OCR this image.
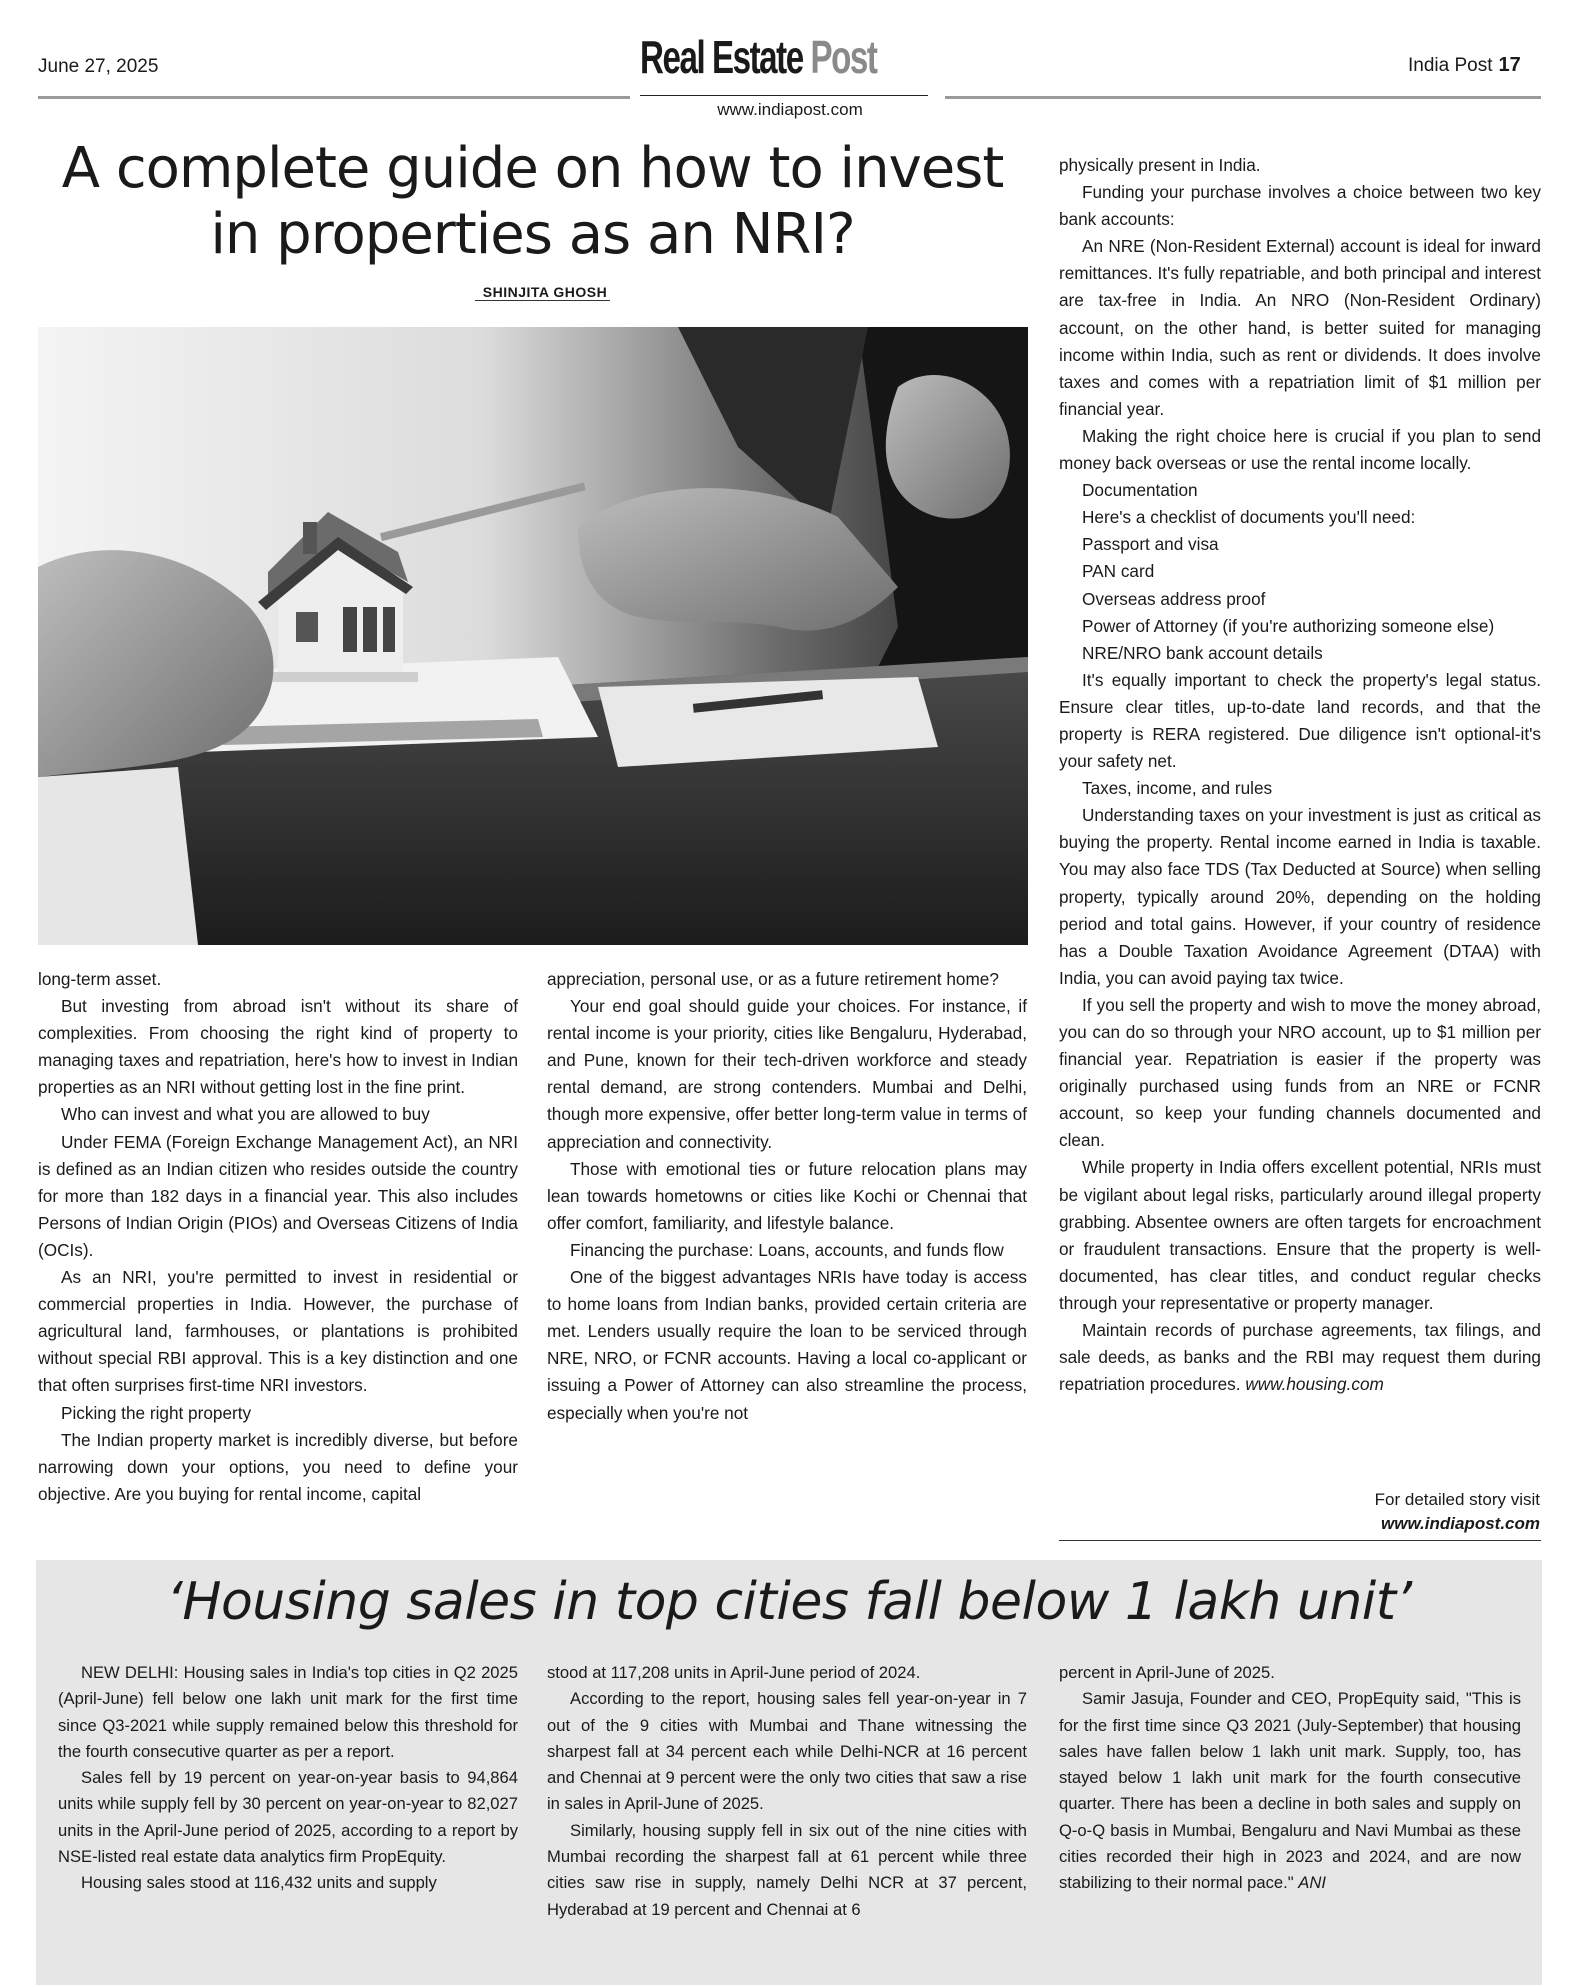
June 27, 2025	Real Estate Post
www.indiapost.com
India Post 17
A complete guide on how to invest
in properties as an NRI?
SHINJITA GHOSH

long-term asset.

But investing from abroad isn't without its share of complexities. From choosing the right kind of property to managing taxes and repatriation, here's how to invest in Indian properties as an NRI without getting lost in the fine print.

Who can invest and what you are allowed to buy

Under FEMA (Foreign Exchange Management Act), an NRI is defined as an Indian citizen who resides outside the country for more than 182 days in a financial year. This also includes Persons of Indian Origin (PIOs) and Overseas Citizens of India (OCIs).

As an NRI, you're permitted to invest in residential or commercial properties in India. However, the purchase of agricultural land, farmhouses, or plantations is prohibited without special RBI approval. This is a key distinction and one that often surprises first-time NRI investors.

Picking the right property

The Indian property market is incredibly diverse, but before narrowing down your options, you need to define your objective. Are you buying for rental income, capital

appreciation, personal use, or as a future retirement home?

Your end goal should guide your choices. For instance, if rental income is your priority, cities like Bengaluru, Hyderabad, and Pune, known for their tech-driven workforce and steady rental demand, are strong contenders. Mumbai and Delhi, though more expensive, offer better long-term value in terms of appreciation and connectivity.

Those with emotional ties or future relocation plans may lean towards hometowns or cities like Kochi or Chennai that offer comfort, familiarity, and lifestyle balance.

Financing the purchase: Loans, accounts, and funds flow

One of the biggest advantages NRIs have today is access to home loans from Indian banks, provided certain criteria are met. Lenders usually require the loan to be serviced through NRE, NRO, or FCNR accounts. Having a local co-applicant or issuing a Power of Attorney can also streamline the process, especially when you're not

physically present in India.

Funding your purchase involves a choice between two key bank accounts:

An NRE (Non-Resident External) account is ideal for inward remittances. It's fully repatriable, and both principal and interest are tax-free in India. An NRO (Non-Resident Ordinary) account, on the other hand, is better suited for managing income within India, such as rent or dividends. It does involve taxes and comes with a repatriation limit of $1 million per financial year.

Making the right choice here is crucial if you plan to send money back overseas or use the rental income locally.

Documentation

Here's a checklist of documents you'll need:

Passport and visa

PAN card

Overseas address proof

Power of Attorney (if you're authorizing someone else)

NRE/NRO bank account details

It's equally important to check the property's legal status. Ensure clear titles, up-to-date land records, and that the property is RERA registered. Due diligence isn't optional-it's your safety net.

Taxes, income, and rules

Understanding taxes on your investment is just as critical as buying the property. Rental income earned in India is taxable. You may also face TDS (Tax Deducted at Source) when selling property, typically around 20%, depending on the holding period and total gains. However, if your country of residence has a Double Taxation Avoidance Agreement (DTAA) with India, you can avoid paying tax twice.

If you sell the property and wish to move the money abroad, you can do so through your NRO account, up to $1 million per financial year. Repatriation is easier if the property was originally purchased using funds from an NRE or FCNR account, so keep your funding channels documented and clean.

While property in India offers excellent potential, NRIs must be vigilant about legal risks, particularly around illegal property grabbing. Absentee owners are often targets for encroachment or fraudulent transactions. Ensure that the property is well-documented, has clear titles, and conduct regular checks through your representative or property manager.

Maintain records of purchase agreements, tax filings, and sale deeds, as banks and the RBI may request them during repatriation procedures. www.housing.com

For detailed story visit
www.indiapost.com
‘Housing sales in top cities fall below 1 lakh unit’

NEW DELHI: Housing sales in India's top cities in Q2 2025 (April-June) fell below one lakh unit mark for the first time since Q3-2021 while supply remained below this threshold for the fourth consecutive quarter as per a report.

Sales fell by 19 percent on year-on-year basis to 94,864 units while supply fell by 30 percent on year-on-year to 82,027 units in the April-June period of 2025, according to a report by NSE-listed real estate data analytics firm PropEquity.

Housing sales stood at 116,432 units and supply

stood at 117,208 units in April-June period of 2024.

According to the report, housing sales fell year-on-year in 7 out of the 9 cities with Mumbai and Thane witnessing the sharpest fall at 34 percent each while Delhi-NCR at 16 percent and Chennai at 9 percent were the only two cities that saw a rise in sales in April-June of 2025.

Similarly, housing supply fell in six out of the nine cities with Mumbai recording the sharpest fall at 61 percent while three cities saw rise in supply, namely Delhi NCR at 37 percent, Hyderabad at 19 percent and Chennai at 6

percent in April-June of 2025.

Samir Jasuja, Founder and CEO, PropEquity said, "This is for the first time since Q3 2021 (July-September) that housing sales have fallen below 1 lakh unit mark. Supply, too, has stayed below 1 lakh unit mark for the fourth consecutive quarter. There has been a decline in both sales and supply on Q-o-Q basis in Mumbai, Bengaluru and Navi Mumbai as these cities recorded their high in 2023 and 2024, and are now stabilizing to their normal pace." ANI
